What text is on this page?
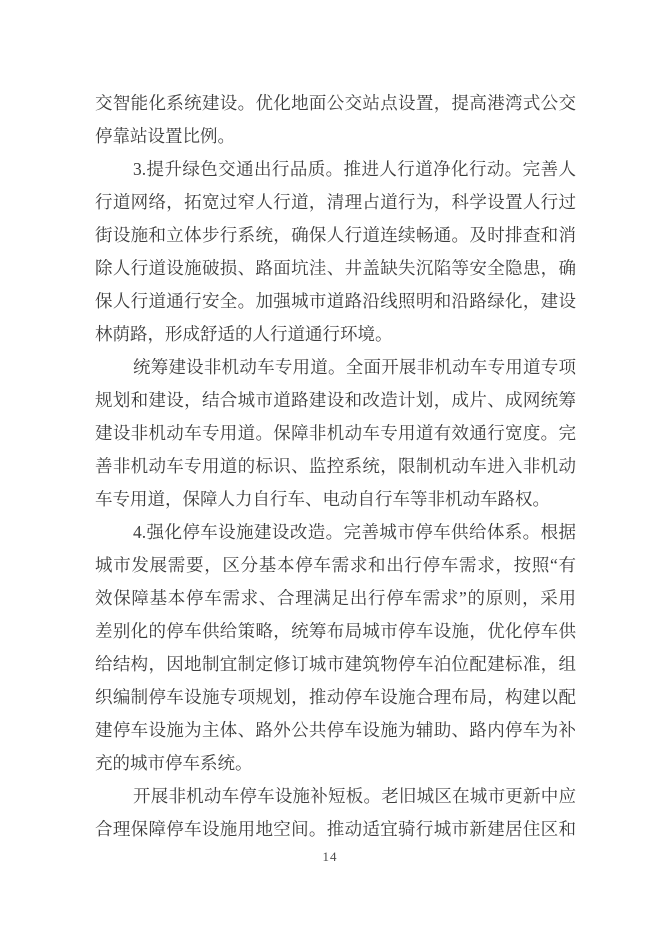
交智能化系统建设。优化地面公交站点设置，提高港湾式公交
停靠站设置比例。
3.提升绿色交通出行品质。推进人行道净化行动。完善人
行道网络，拓宽过窄人行道，清理占道行为，科学设置人行过
街设施和立体步行系统，确保人行道连续畅通。及时排查和消
除人行道设施破损、路面坑洼、井盖缺失沉陷等安全隐患，确
保人行道通行安全。加强城市道路沿线照明和沿路绿化，建设
林荫路，形成舒适的人行道通行环境。
统筹建设非机动车专用道。全面开展非机动车专用道专项
规划和建设，结合城市道路建设和改造计划，成片、成网统筹
建设非机动车专用道。保障非机动车专用道有效通行宽度。完
善非机动车专用道的标识、监控系统，限制机动车进入非机动
车专用道，保障人力自行车、电动自行车等非机动车路权。
4.强化停车设施建设改造。完善城市停车供给体系。根据
城市发展需要，区分基本停车需求和出行停车需求，按照“有
效保障基本停车需求、合理满足出行停车需求”的原则，采用
差别化的停车供给策略，统筹布局城市停车设施，优化停车供
给结构，因地制宜制定修订城市建筑物停车泊位配建标准，组
织编制停车设施专项规划，推动停车设施合理布局，构建以配
建停车设施为主体、路外公共停车设施为辅助、路内停车为补
充的城市停车系统。
开展非机动车停车设施补短板。老旧城区在城市更新中应
合理保障停车设施用地空间。推动适宜骑行城市新建居住区和
14
